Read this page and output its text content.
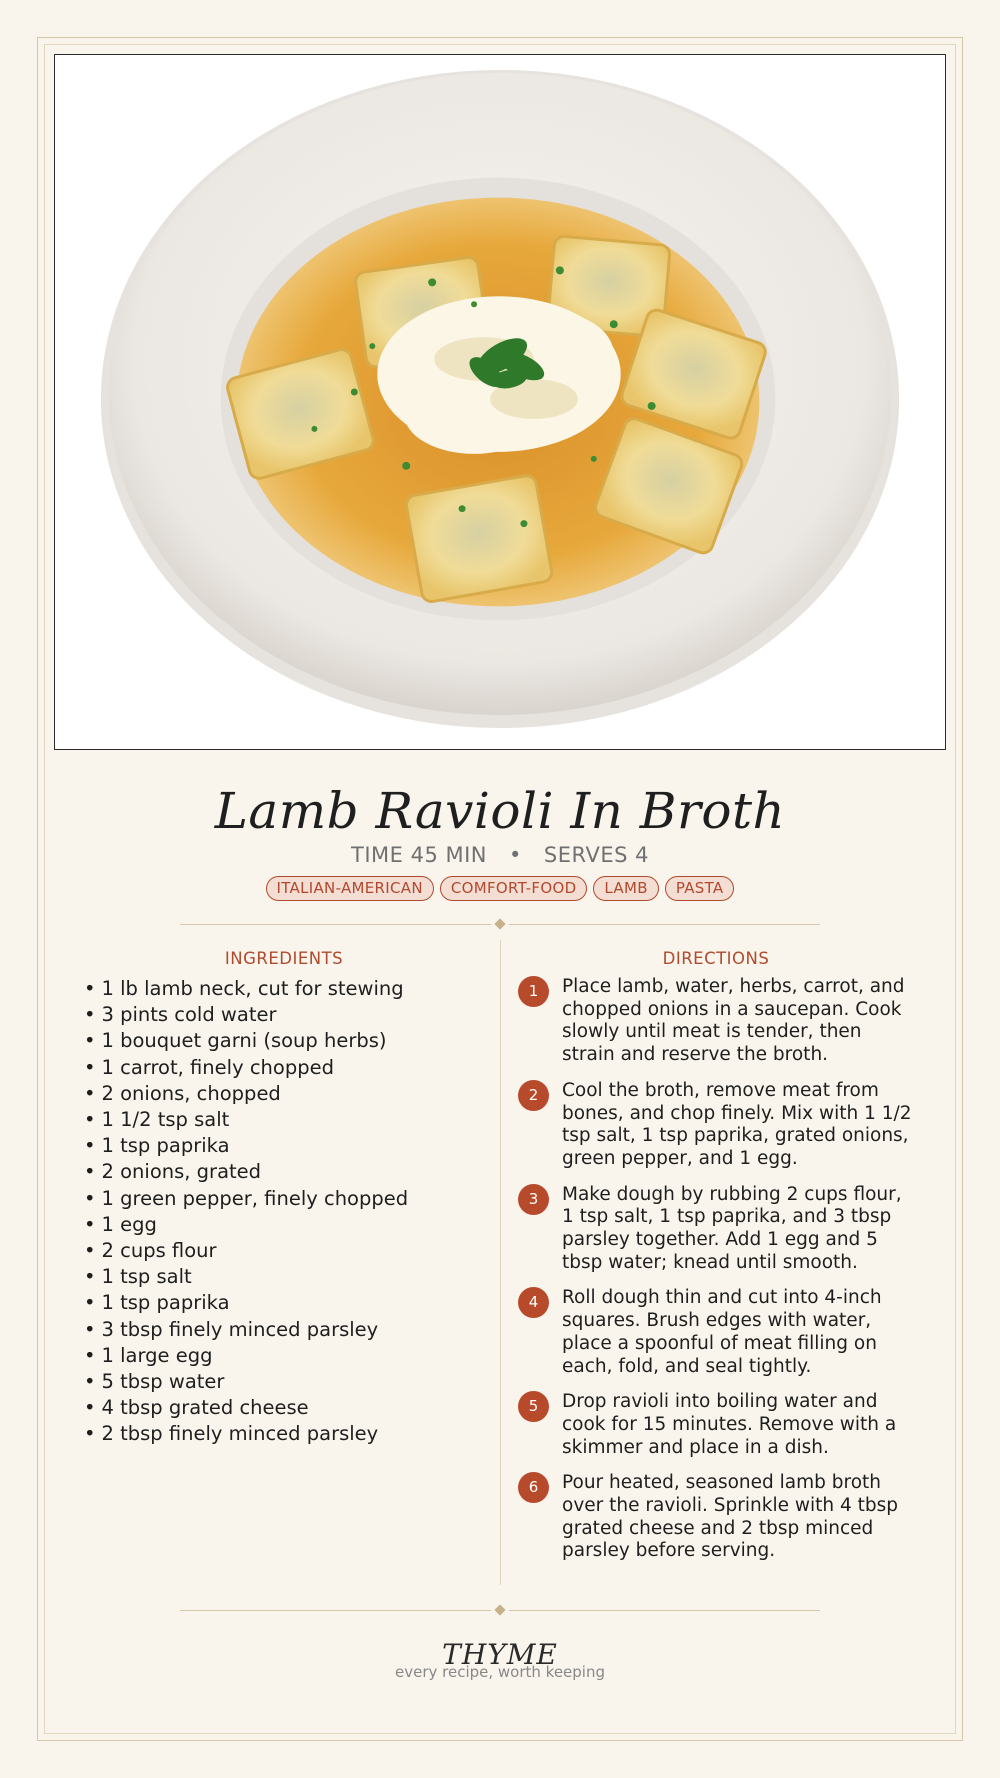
Lamb Ravioli In Broth
TIME 45 MIN • SERVES 4
ITALIAN-AMERICAN COMFORT-FOOD LAMB PASTA
INGREDIENTS	DIRECTIONS
• 1 lb lamb neck, cut for stewing
• 3 pints cold water
• 1 bouquet garni (soup herbs)
• 1 carrot, finely chopped
• 2 onions, chopped
• 1 1/2 tsp salt
• 1 tsp paprika
• 2 onions, grated
• 1 green pepper, finely chopped
• 1 egg
• 2 cups flour
• 1 tsp salt
• 1 tsp paprika
• 3 tbsp finely minced parsley
• 1 large egg
• 5 tbsp water
• 4 tbsp grated cheese
• 2 tbsp finely minced parsley
1	Place lamb, water, herbs, carrot, and chopped onions in a saucepan. Cook slowly until meat is tender, then strain and reserve the broth.
2	Cool the broth, remove meat from bones, and chop finely. Mix with 1 1/2 tsp salt, 1 tsp paprika, grated onions, green pepper, and 1 egg.
3	Make dough by rubbing 2 cups flour, 1 tsp salt, 1 tsp paprika, and 3 tbsp parsley together. Add 1 egg and 5 tbsp water; knead until smooth.
4	Roll dough thin and cut into 4-inch squares. Brush edges with water, place a spoonful of meat filling on each, fold, and seal tightly.
5	Drop ravioli into boiling water and cook for 15 minutes. Remove with a skimmer and place in a dish.
6	Pour heated, seasoned lamb broth over the ravioli. Sprinkle with 4 tbsp grated cheese and 2 tbsp minced parsley before serving.
THYME
every recipe, worth keeping
